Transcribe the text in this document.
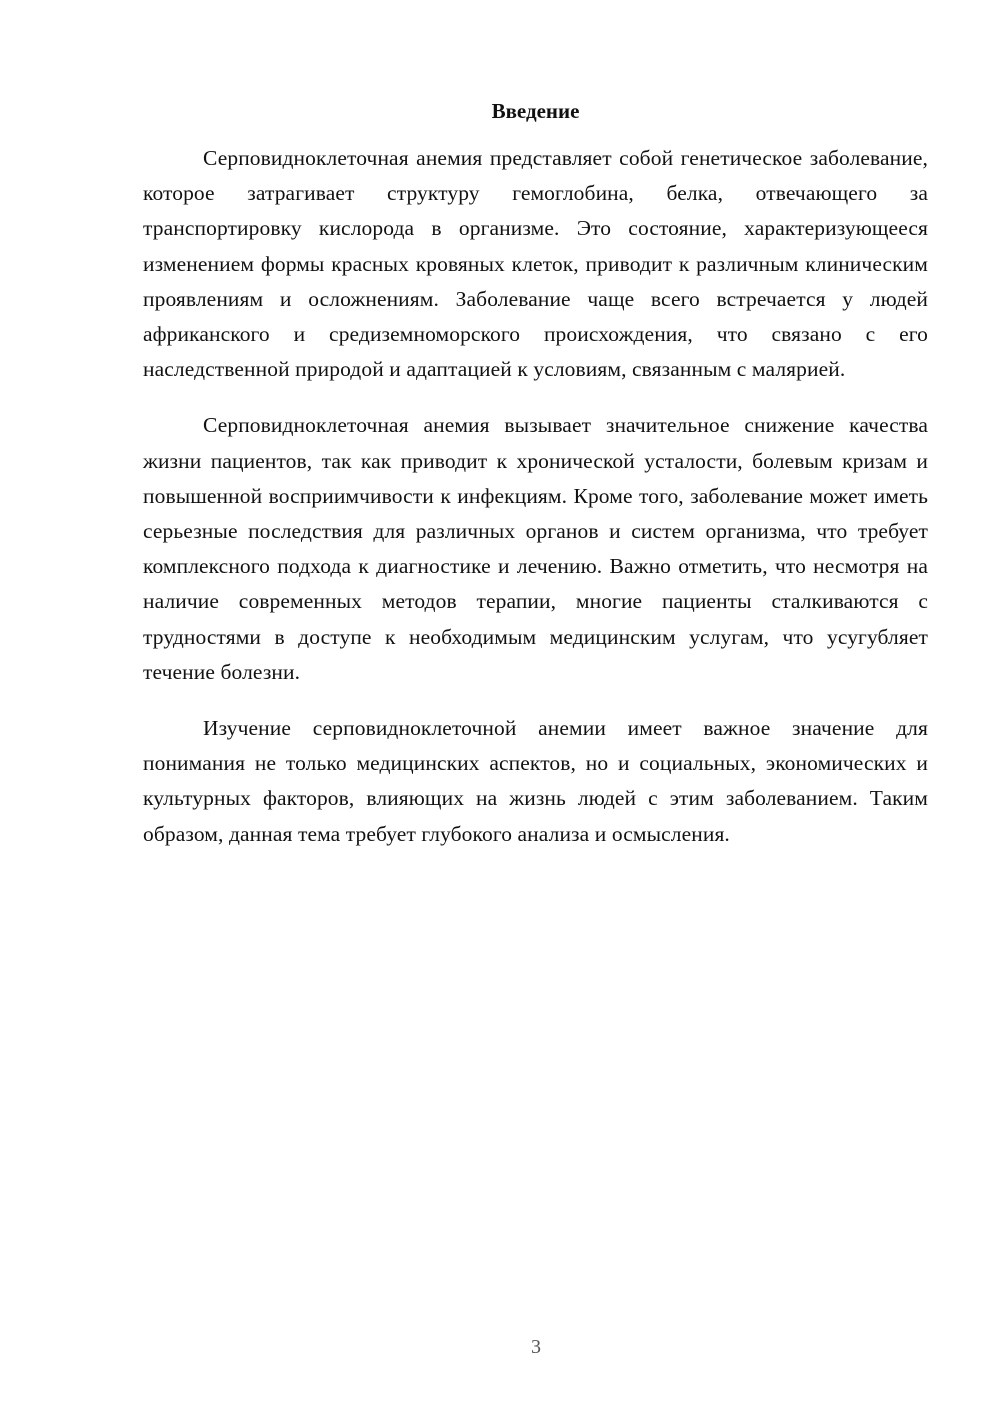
Введение

Серповидноклеточная анемия представляет собой генетическое заболевание, которое затрагивает структуру гемоглобина, белка, отвечающего за транспортировку кислорода в организме. Это состояние, характеризующееся изменением формы красных кровяных клеток, приводит к различным клиническим проявлениям и осложнениям. Заболевание чаще всего встречается у людей африканского и средиземноморского происхождения, что связано с его наследственной природой и адаптацией к условиям, связанным с малярией.

Серповидноклеточная анемия вызывает значительное снижение качества жизни пациентов, так как приводит к хронической усталости, болевым кризам и повышенной восприимчивости к инфекциям. Кроме того, заболевание может иметь серьезные последствия для различных органов и систем организма, что требует комплексного подхода к диагностике и лечению. Важно отметить, что несмотря на наличие современных методов терапии, многие пациенты сталкиваются с трудностями в доступе к необходимым медицинским услугам, что усугубляет течение болезни.

Изучение серповидноклеточной анемии имеет важное значение для понимания не только медицинских аспектов, но и социальных, экономических и культурных факторов, влияющих на жизнь людей с этим заболеванием. Таким образом, данная тема требует глубокого анализа и осмысления.

3
